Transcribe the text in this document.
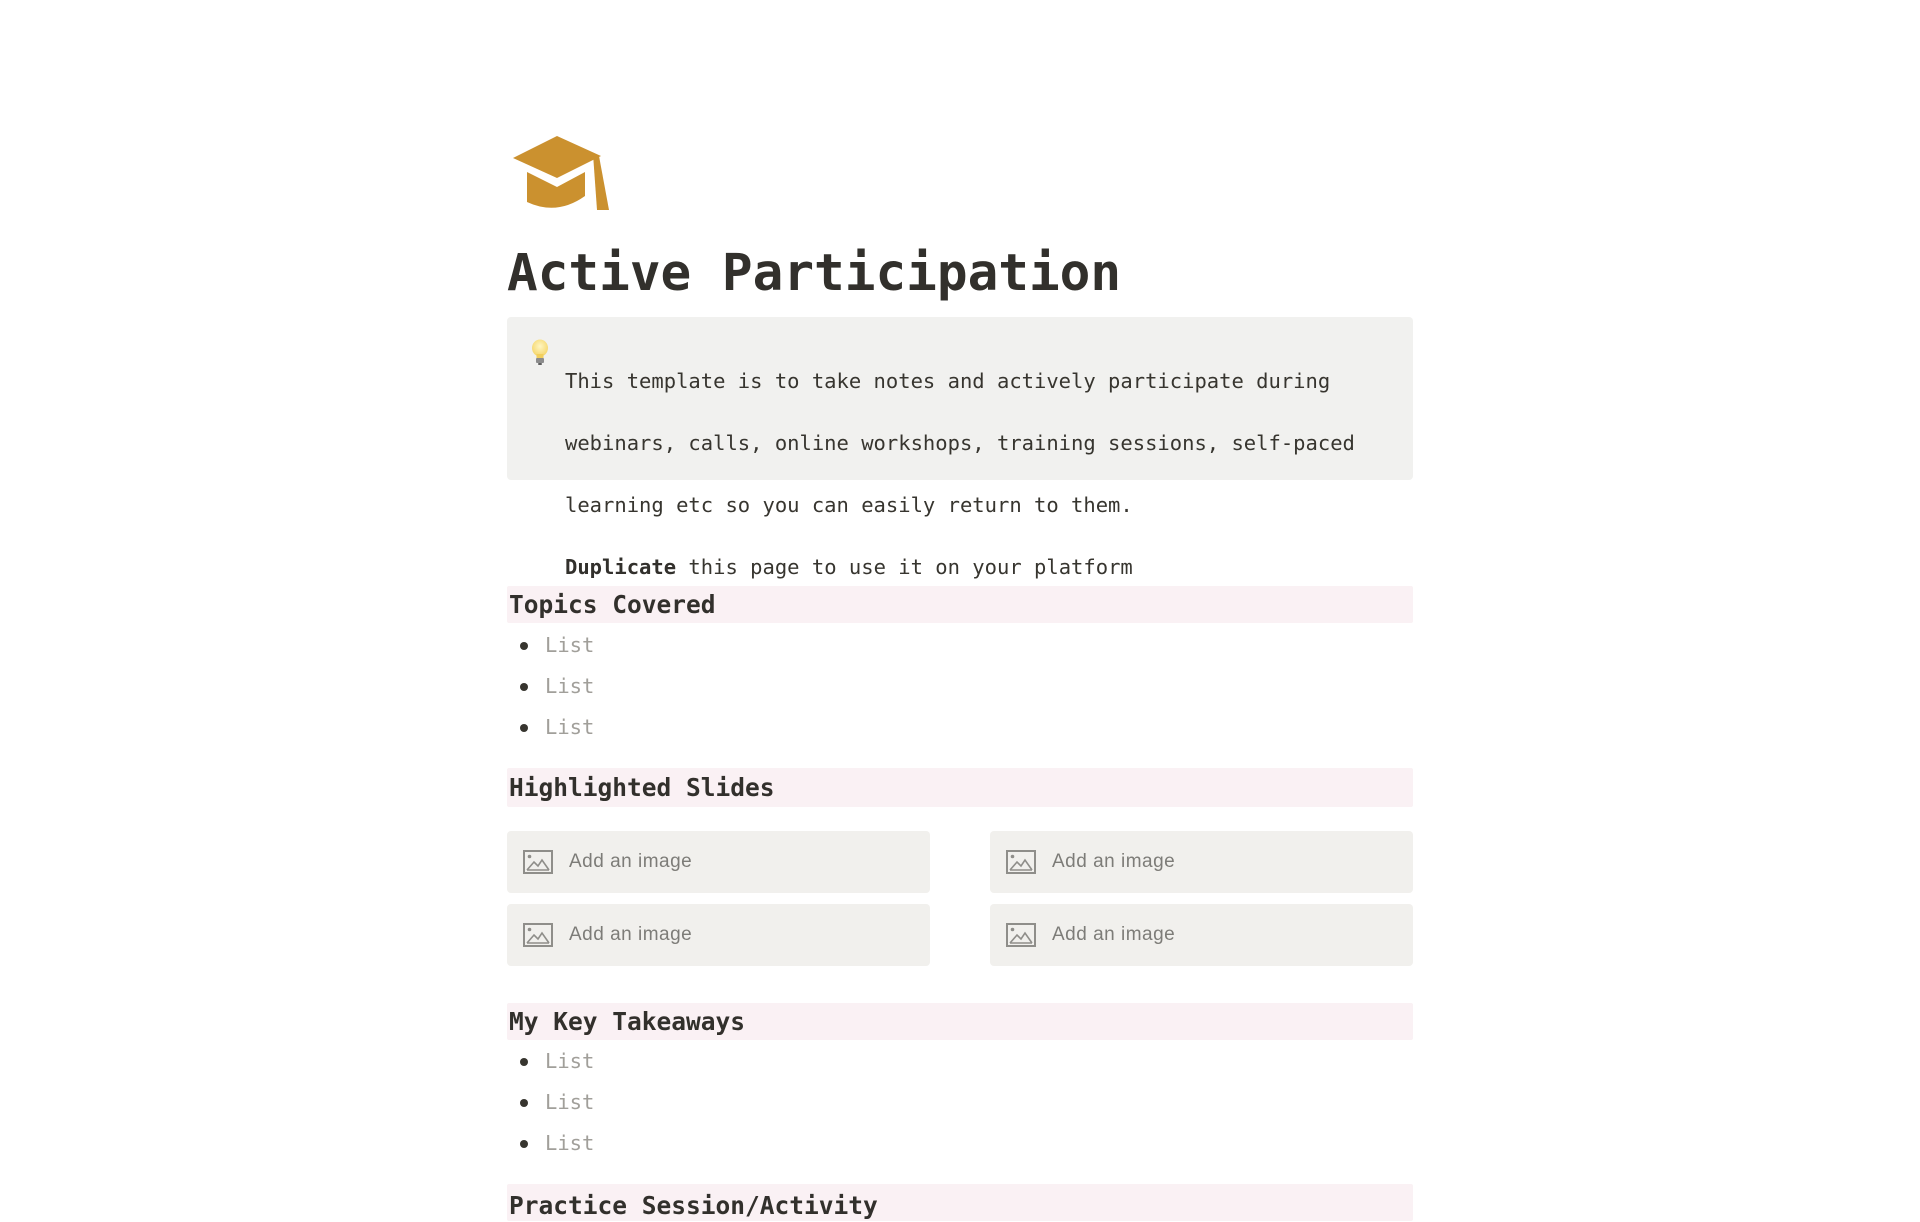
Active Participation

This template is to take notes and actively participate during

webinars, calls, online workshops, training sessions, self-paced

learning etc so you can easily return to them.

Duplicate this page to use it on your platform

Topics Covered
List
List
List
Highlighted Slides
Add an image	Add an image
Add an image	Add an image
My Key Takeaways
List
List
List
Practice Session/Activity
